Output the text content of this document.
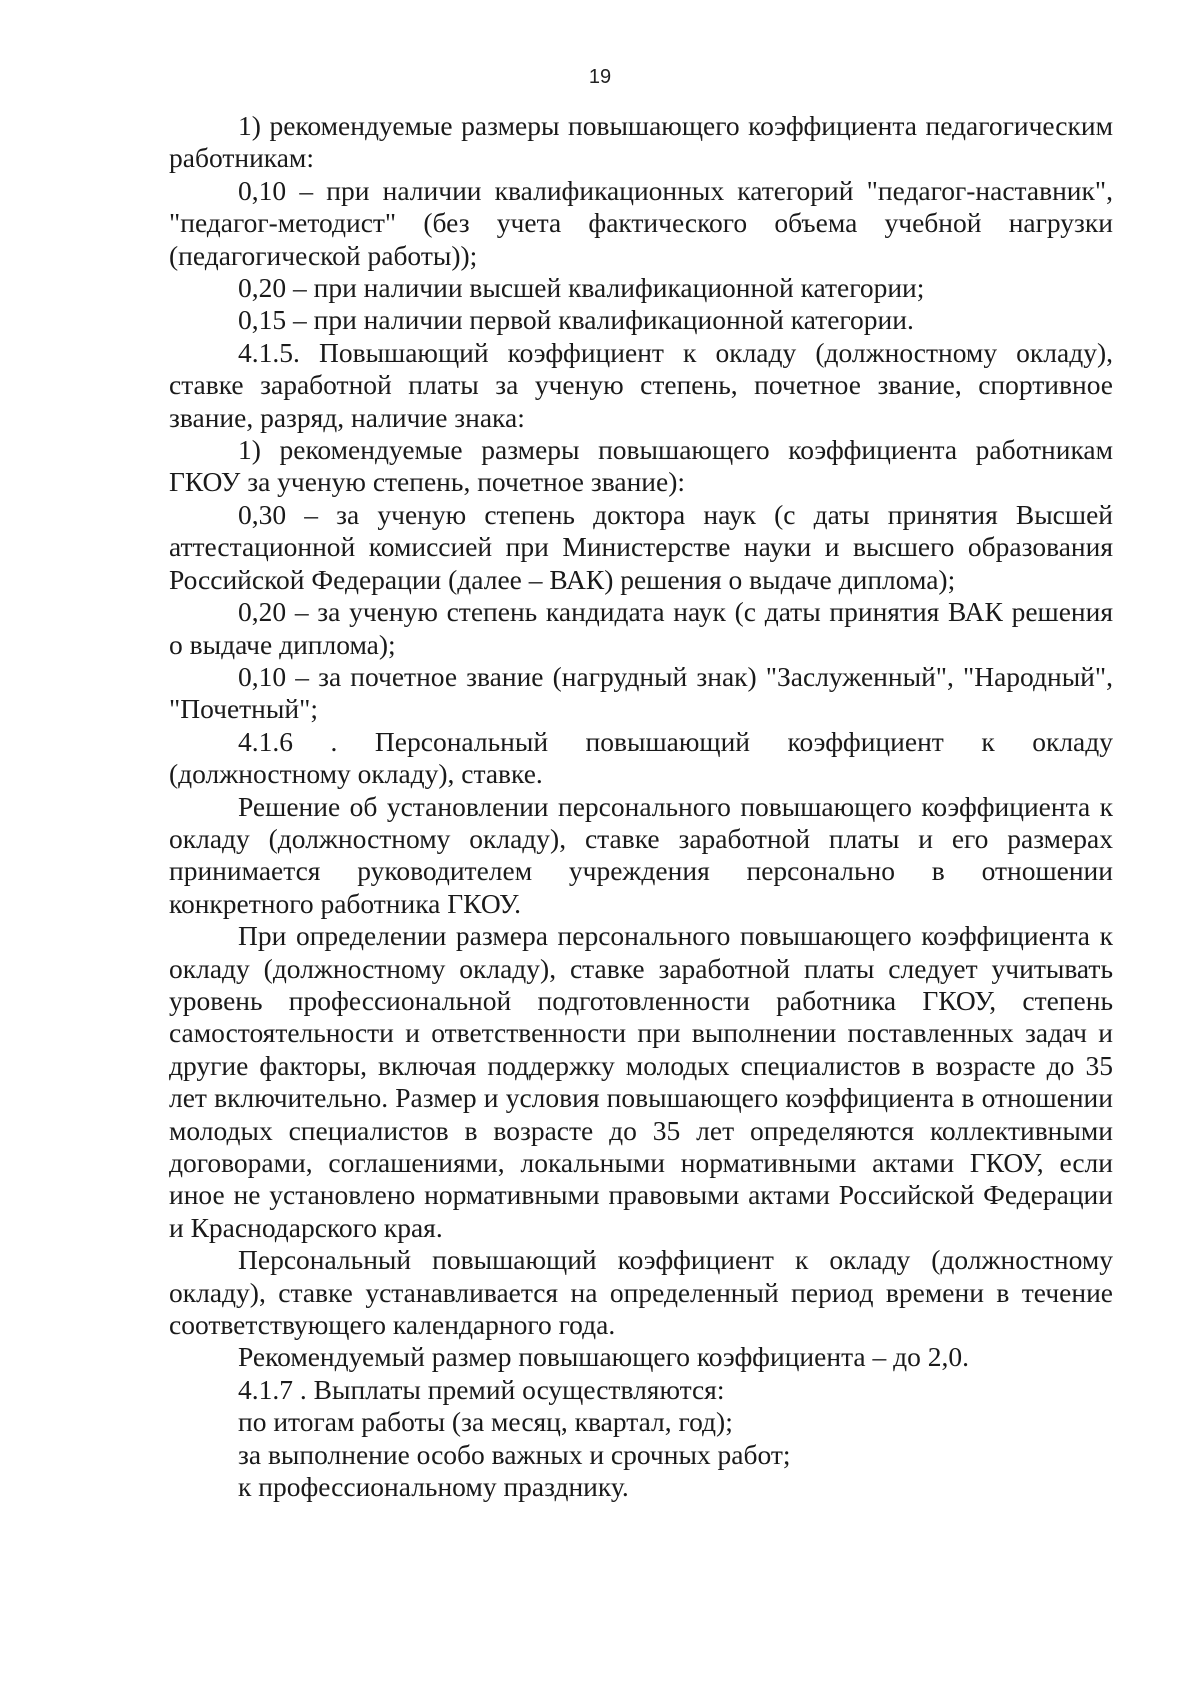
19

1) рекомендуемые размеры повышающего коэффициента педагогическим работникам:

0,10 – при наличии квалификационных категорий "педагог-наставник", "педагог-методист" (без учета фактического объема учебной нагрузки (педагогической работы));

0,20 – при наличии высшей квалификационной категории;

0,15 – при наличии первой квалификационной категории.

4.1.5. Повышающий коэффициент к окладу (должностному окладу), ставке заработной платы за ученую степень, почетное звание, спортивное звание, разряд, наличие знака:

1) рекомендуемые размеры повышающего коэффициента работникам ГКОУ за ученую степень, почетное звание):

0,30 – за ученую степень доктора наук (с даты принятия Высшей аттестационной комиссией при Министерстве науки и высшего образования Российской Федерации (далее – ВАК) решения о выдаче диплома);

0,20 – за ученую степень кандидата наук (с даты принятия ВАК решения о выдаче диплома);

0,10 – за почетное звание (нагрудный знак) "Заслуженный", "Народный", "Почетный";

4.1.6 . Персональный повышающий коэффициент к окладу (должностному окладу), ставке.

Решение об установлении персонального повышающего коэффициента к окладу (должностному окладу), ставке заработной платы и его размерах принимается руководителем учреждения персонально в отношении конкретного работника ГКОУ.

При определении размера персонального повышающего коэффициента к окладу (должностному окладу), ставке заработной платы следует учитывать уровень профессиональной подготовленности работника ГКОУ, степень самостоятельности и ответственности при выполнении поставленных задач и другие факторы, включая поддержку молодых специалистов в возрасте до 35 лет включительно. Размер и условия повышающего коэффициента в отношении молодых специалистов в возрасте до 35 лет определяются коллективными договорами, соглашениями, локальными нормативными актами ГКОУ, если иное не установлено нормативными правовыми актами Российской Федерации и Краснодарского края.

Персональный повышающий коэффициент к окладу (должностному окладу), ставке устанавливается на определенный период времени в течение соответствующего календарного года.

Рекомендуемый размер повышающего коэффициента – до 2,0.

4.1.7 . Выплаты премий осуществляются:

по итогам работы (за месяц, квартал, год);

за выполнение особо важных и срочных работ;

к профессиональному празднику.
